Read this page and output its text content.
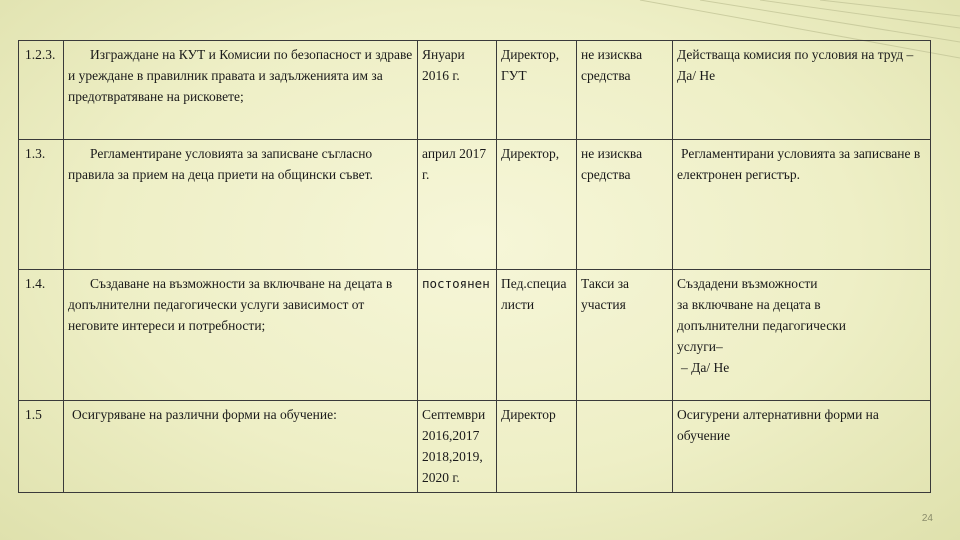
1.2.3.	Изграждане на КУТ и Комисии по безопасност и здраве и уреждане в правилник правата и задълженията им за предотвратяване на рисковете;	Януари 2016 г.	Директор, ГУТ	не изисква средства	Действаща комисия по условия на труд – Да/ Не
1.3.	Регламентиране условията за записване съгласно правила за прием на деца приети на общински съвет.	април 2017 г.	Директор,	не изисква средства	Регламентирани условията за записване в електронен регистър.
1.4.	Създаване на възможности за включване на децата в допълнителни педагогически услуги зависимост от неговите интереси и потребности;	постоянен	Пед.специалисти	Такси за участия	Създадени възможности
за включване на децата в
допълнителни педагогически
услуги–
– Да/ Не

1.5	Осигуряване на различни форми на обучение:	Септември
2016,2017
2018,2019,
2020 г.	Директор		Осигурени алтернативни форми на обучение
24
